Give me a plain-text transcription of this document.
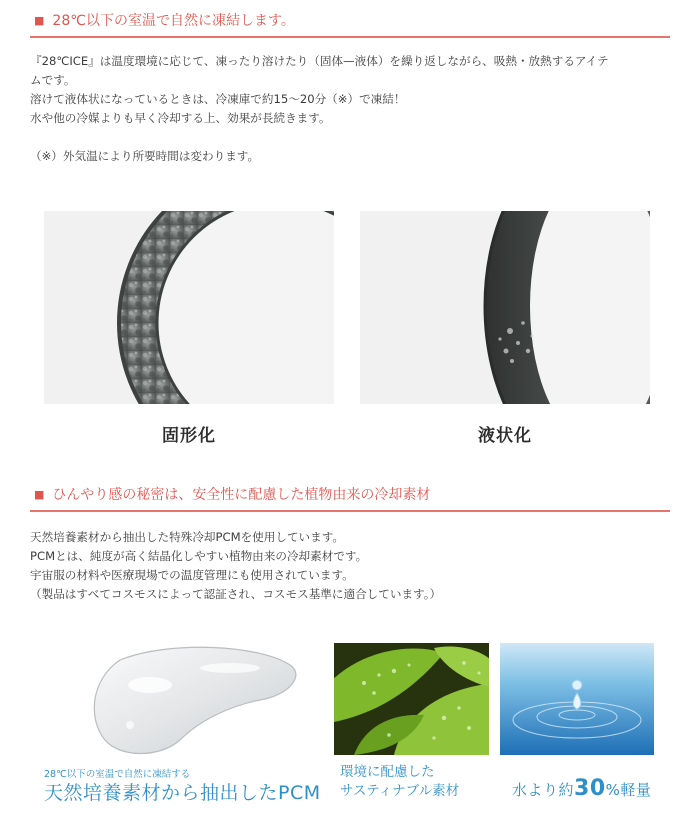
■ 28℃以下の室温で自然に凍結します。

『28℃ICE』は温度環境に応じて、凍ったり溶けたり（固体—液体）を繰り返しながら、吸熱・放熱するアイテ

ムです。

溶けて液体状になっているときは、冷凍庫で約15～20分（※）で凍結！

水や他の冷媒よりも早く冷却する上、効果が長続きます。

（※）外気温により所要時間は変わります。

固形化	液状化
■ ひんやり感の秘密は、安全性に配慮した植物由来の冷却素材

天然培養素材から抽出した特殊冷却PCMを使用しています。

PCMとは、純度が高く結晶化しやすい植物由来の冷却素材です。

宇宙服の材料や医療現場での温度管理にも使用されています。

（製品はすべてコスモスによって認証され、コスモス基準に適合しています。）

28℃以下の室温で自然に凍結する
天然培養素材から抽出したPCM

環境に配慮した

サスティナブル素材	水より約30%軽量
